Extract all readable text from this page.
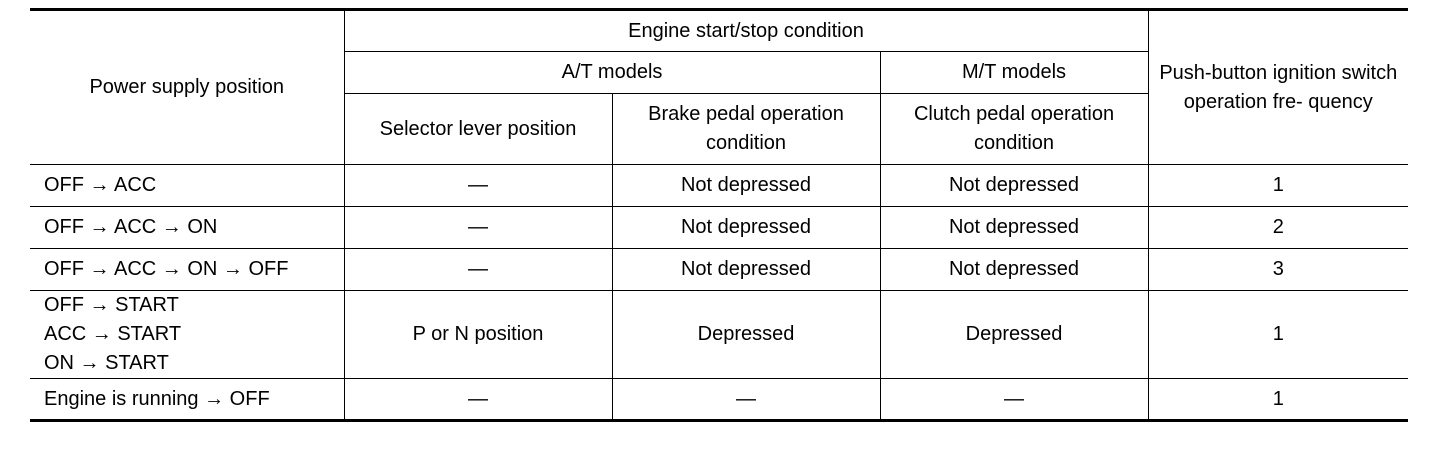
Power supply position	Engine start/stop condition			Push-button ignition switch operation fre- quency
	A/T models		M/T models	
	Selector lever position	Brake pedal operation condition	Clutch pedal operation condition	

OFF → ACC	—	Not depressed	Not depressed	1

OFF → ACC → ON	—	Not depressed	Not depressed	2

OFF → ACC → ON → OFF	—	Not depressed	Not depressed	3

OFF → START
ACC → START
ON → START	P or N position	Depressed	Depressed	1

Engine is running → OFF	—	—	—	1
